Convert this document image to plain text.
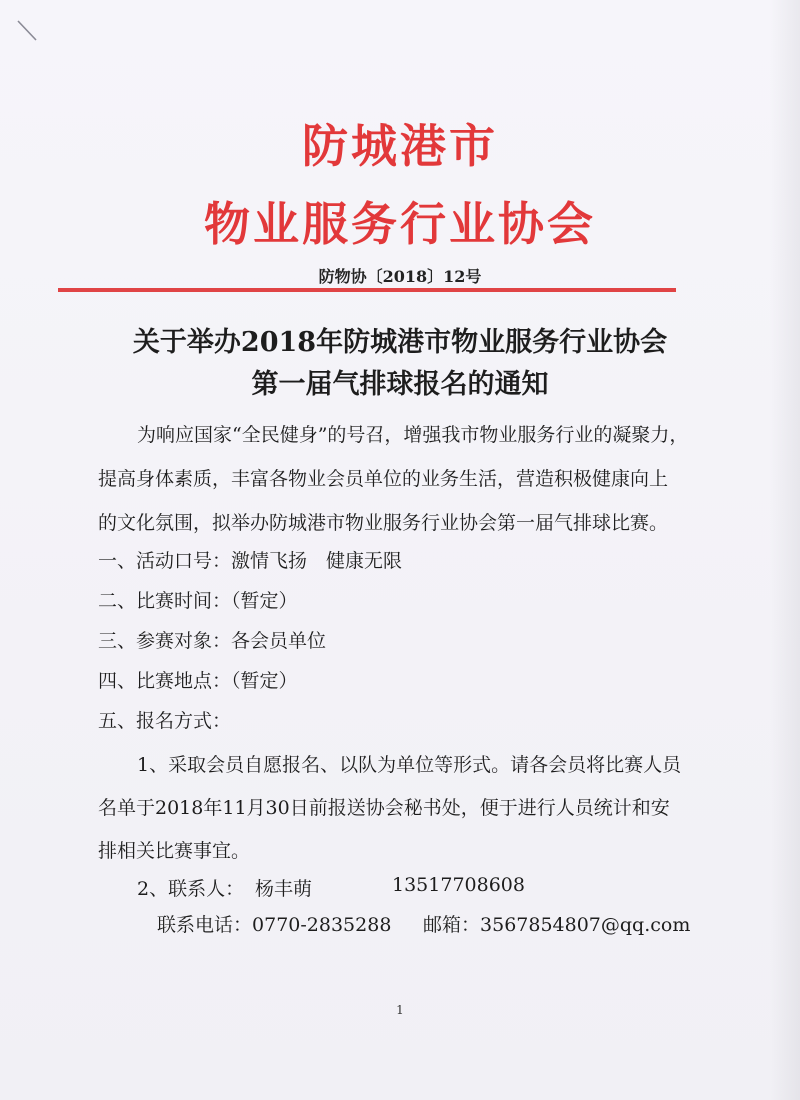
防城港市
物业服务行业协会
防物协〔2018〕12号
关于举办2018年防城港市物业服务行业协会
第一届气排球报名的通知
为响应国家“全民健身”的号召，增强我市物业服务行业的凝聚力，
提高身体素质，丰富各物业会员单位的业务生活，营造积极健康向上
的文化氛围，拟举办防城港市物业服务行业协会第一届气排球比赛。
一、活动口号：激情飞扬　健康无限
二、比赛时间：（暂定）
三、参赛对象：各会员单位
四、比赛地点：（暂定）
五、报名方式：
1、采取会员自愿报名、以队为单位等形式。请各会员将比赛人员
名单于2018年11月30日前报送协会秘书处，便于进行人员统计和安
排相关比赛事宜。
2、联系人： 杨丰萌	13517708608
联系电话：0770-2835288 邮箱：3567854807@qq.com
1
